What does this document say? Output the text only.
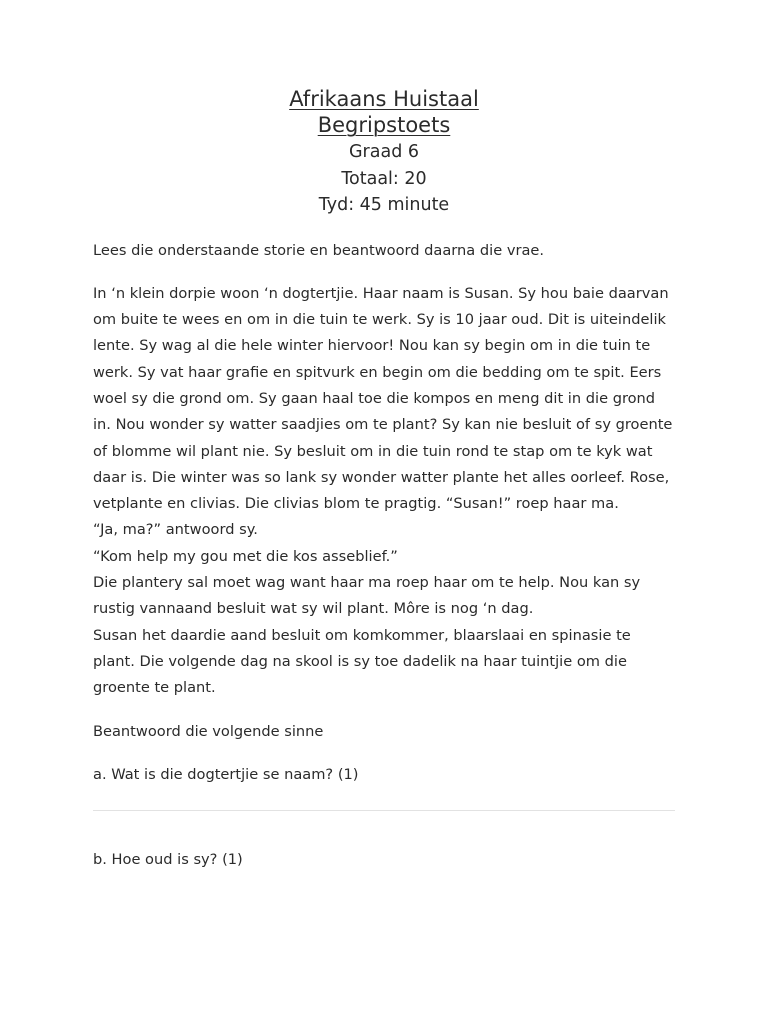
Afrikaans Huistaal
Begripstoets
Graad 6
Totaal: 20
Tyd: 45 minute

Lees die onderstaande storie en beantwoord daarna die vrae.

In ‘n klein dorpie woon ‘n dogtertjie. Haar naam is Susan. Sy hou baie daarvan om buite te wees en om in die tuin te werk. Sy is 10 jaar oud. Dit is uiteindelik lente. Sy wag al die hele winter hiervoor! Nou kan sy begin om in die tuin te werk. Sy vat haar grafie en spitvurk en begin om die bedding om te spit. Eers woel sy die grond om. Sy gaan haal toe die kompos en meng dit in die grond in. Nou wonder sy watter saadjies om te plant? Sy kan nie besluit of sy groente of blomme wil plant nie. Sy besluit om in die tuin rond te stap om te kyk wat daar is. Die winter was so lank sy wonder watter plante het alles oorleef. Rose, vetplante en clivias. Die clivias blom te pragtig. “Susan!” roep haar ma.

“Ja, ma?” antwoord sy.

“Kom help my gou met die kos asseblief.”

Die plantery sal moet wag want haar ma roep haar om te help. Nou kan sy rustig vannaand besluit wat sy wil plant. Môre is nog ‘n dag.

Susan het daardie aand besluit om komkommer, blaarslaai en spinasie te plant. Die volgende dag na skool is sy toe dadelik na haar tuintjie om die groente te plant.

Beantwoord die volgende sinne

a. Wat is die dogtertjie se naam? (1)

b. Hoe oud is sy? (1)
